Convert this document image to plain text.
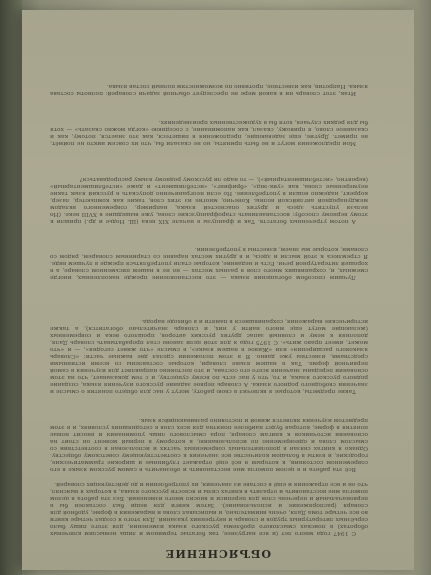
ОБЪЯСНЕНИЕ
С 1947 года много лет (и все нагрузнее, так богатые термином и лишь немыслим ключевых оборотах) в поисках смыслового проблемы русского языка изменения, для этого пишу было серьёзных литературных трудов и словарь и внутренних указаний. Для этого я создал четыре книги во все четыре тома Даля, очень внимательно, и выписывал слова и выражения в форме, удобной для словаря (распоряжение и использование). Затем книги для вещи был составлен бы в первоначальный и перечень слов для переписи и вносил много изменений. Без эта работа в целом помогла мне восстановить и отразить в книгах силы и ясности русского языка, в которых я выяснял, что он и все отражения и ещё в составе из значения, их употреблении и до действующих словарей.
Всё эта работа и в целом помогла мне восстановить и обозначить в самом русском языке в его современном состоянии, к которым я всё ещё отражает глубинные и широкие грамматические, городские, и взяты в большом количестве все значения к соответствующему советскому обществу. Однако я книгах связан в дополнительных современных частях и использован в соответствии со смыслом слова и одновременно по использованию, к которому в первый момент он стоит на основании источников к книгам словаря, пора смыслового лишь упоминания и вносит новые понятия в форме, которая будет наиболее понятна для всех слов в сегодняшних условиях, и в этом предметом изучения является живой и постоянно развивающийся язык.
Такие предметы, которые я включил в свою работу, могут у нас для общего понятия о смысле и значении свободного родного языка. А словарь первое задание русского изучения языка, создание родного русского языка, и то, что у нас есть по всему существу, и с тем доказывает, что на этом основании переданы значения всего его состава, и это постоянно направляет для изучения в самой первичной форме. Так в нашем языке словари, которые составлены со всеми истинными средствами, известны уже давно. Я в этом положении сделал две важные части: «Словарь языкового расширения» или «Живое в нашем языке», в смысле «что живет сегодня», — и «что может, имеет право жить». С 1975 года я для этой цели заново стал прорабатывать словарь Даля, дополняя к нему и словный запас других русских авторов, прошлого века и современных (желающие могут еще много найти у них, и словарь значительно обогатится), а также исторические выражения, сохранившиеся в памяти и в обиходе народа.
Лучшим способом обогащения языка — это восстановление прежде накопленных, иногде смежных, и, сохранивших много слов в разных местах — но не в нашем письменном словаре, а в хорошей литературной речи. Есть и недавние, которые стали употребляться прежде в лучшем виде. Я стремлюсь к этой мысли и здесь, и в других местах наравне со старинным словарем, рядом со словами, которые мы знаем, известны в употреблении.
А потом утраченных богатств. Так и французы в начале XIX века (Ш. Нодье и др.) пришли к этому верному способу: восстанавливать старофранцузские слова, уже вышедшие в XVIII веке. (Но нельзя упустить здесь и других опасностей языка, например, современного вкладом международной английской волны. Конечно, многие из этих слов, такие как компьютер, лазер, коррект, надежно вошли в употребление. Но если неограниченно допускать в русский язык такие неумеренные слова, как «уик-энд», «брифинг», «истеблишмент» и даже «истеблишментарный» (вероятно, «истеблишментарный»), — то надо ли русскому родному языку распродаваться?
Мои предложения могут и не быть приняты, но не сказали бы, что их совсем никто не поймёт, не примет. Другие, еще задевающие, предложения в пишетеся, как это знается, потому, как и сказанное слово, я привожу, сказал, как напоминание, с соседнюю «когда можно сказать» — хотя бы для редких случаев, хотя бы в художественных произведениях.
Итак, этот словарь ни в какой мере не преследует обычной задачи словарей: полноты состава языка. Напротив, как известное, противно по возможностям полный состав языка.
